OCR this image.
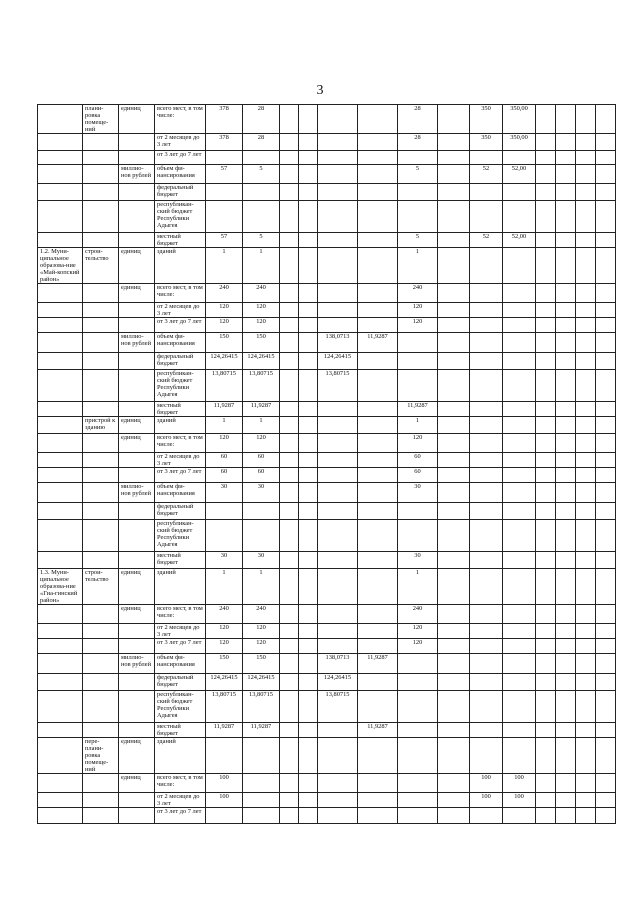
3
	плани-ровка помеще-ний	единиц	всего мест, в том числе:	378	28					28		350	350,00				
			от 2 месяцев до 3 лет	378	28					28		350	350,00				
			от 3 лет до 7 лет														
		миллио-нов рублей	объем фи-нансирования	57	5					5		52	52,00				
			федеральный бюджет														
			республикан-ский бюджет Республики Адыгея														
			местный бюджет	57	5					5		52	52,00				
1.2. Муни-ципальное образова-ние «Май-копский район»	строи-тельство	единиц	зданий	1	1					1							
		единиц	всего мест, в том числе:	240	240					240							
			от 2 месяцев до 3 лет	120	120					120							
			от 3 лет до 7 лет	120	120					120							
		миллио-нов рублей	объем фи-нансирования	150	150			138,0713	11,9287								
			федеральный бюджет	124,26415	124,26415			124,26415									
			республикан-ский бюджет Республики Адыгея	13,80715	13,80715			13,80715									
			местный бюджет	11,9287	11,9287					11,9287							
	пристрой к зданию	единиц	зданий	1	1					1							
		единиц	всего мест, в том числе:	120	120					120							
			от 2 месяцев до 3 лет	60	60					60							
			от 3 лет до 7 лет	60	60					60							
		миллио-нов рублей	объем фи-нансирования	30	30					30							
			федеральный бюджет														
			республикан-ский бюджет Республики Адыгея														
			местный бюджет	30	30					30							
1.3. Муни-ципальное образова-ние «Гиа-гинский район»	строи-тельство	единиц	зданий	1	1					1							
		единиц	всего мест, в том числе:	240	240					240							
			от 2 месяцев до 3 лет	120	120					120							
			от 3 лет до 7 лет	120	120					120							
		миллио-нов рублей	объем фи-нансирования	150	150			138,0713	11,9287								
			федеральный бюджет	124,26415	124,26415			124,26415									
			республикан-ский бюджет Республики Адыгея	13,80715	13,80715			13,80715									
			местный бюджет	11,9287	11,9287				11,9287								
	пере-плани-ровка помеще-ний	единиц	зданий														
		единиц	всего мест, в том числе:	100								100	100				
			от 2 месяцев до 3 лет	100								100	100				
			от 3 лет до 7 лет														
